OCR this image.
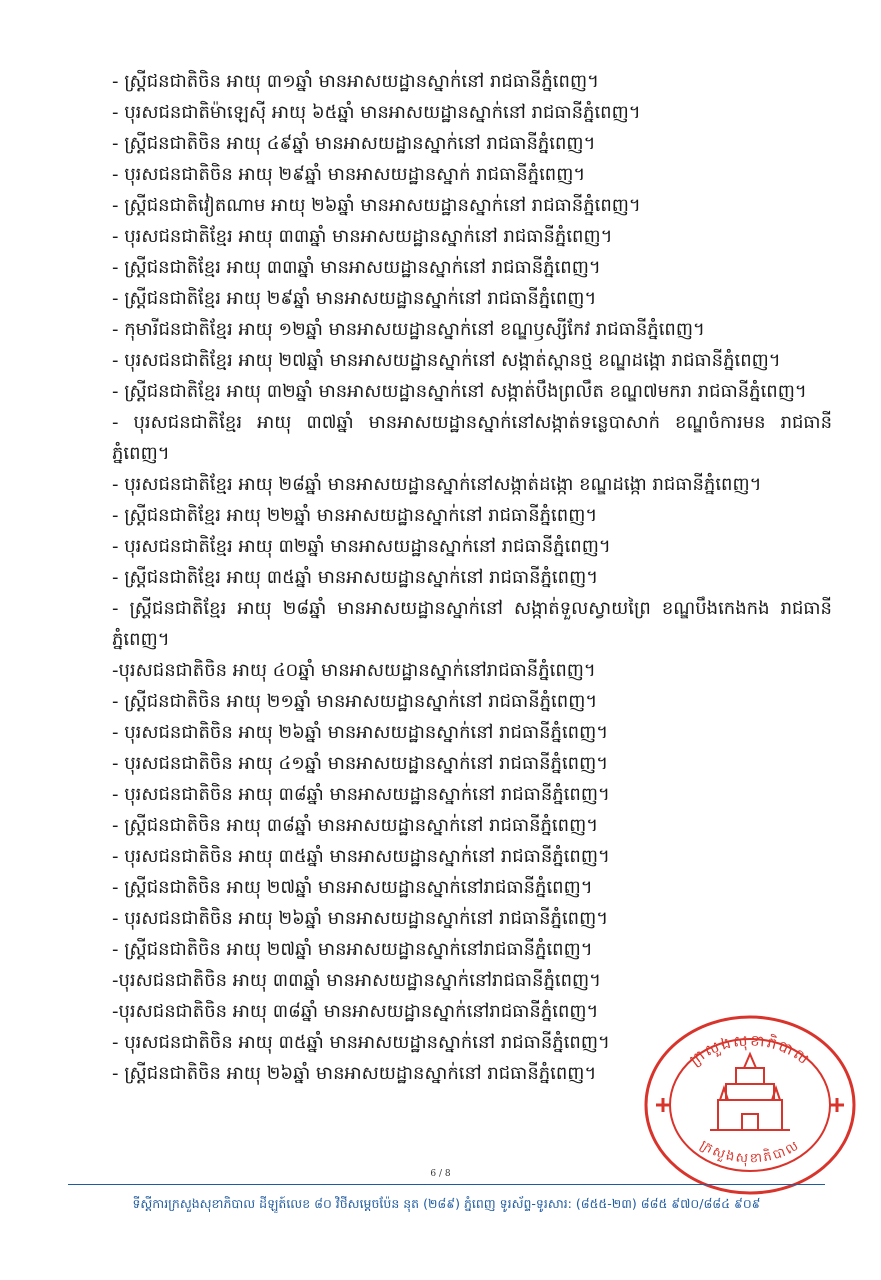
- ស្ត្រីជនជាតិចិន អាយុ ៣១ឆ្នាំ មានអាសយដ្ឋានស្នាក់នៅ រាជធានីភ្នំពេញ។
- បុរសជនជាតិម៉ាឡេស៊ី អាយុ ៦៥ឆ្នាំ មានអាសយដ្ឋានស្នាក់នៅ រាជធានីភ្នំពេញ។
- ស្ត្រីជនជាតិចិន អាយុ ៤៩ឆ្នាំ មានអាសយដ្ឋានស្នាក់នៅ រាជធានីភ្នំពេញ។
- បុរសជនជាតិចិន អាយុ ២៩ឆ្នាំ មានអាសយដ្ឋានស្នាក់ រាជធានីភ្នំពេញ។
- ស្ត្រីជនជាតិវៀតណាម អាយុ ២៦ឆ្នាំ មានអាសយដ្ឋានស្នាក់នៅ រាជធានីភ្នំពេញ។
- បុរសជនជាតិខ្មែរ អាយុ ៣៣ឆ្នាំ មានអាសយដ្ឋានស្នាក់នៅ រាជធានីភ្នំពេញ។
- ស្ត្រីជនជាតិខ្មែរ អាយុ ៣៣ឆ្នាំ មានអាសយដ្ឋានស្នាក់នៅ រាជធានីភ្នំពេញ។
- ស្ត្រីជនជាតិខ្មែរ អាយុ ២៩ឆ្នាំ មានអាសយដ្ឋានស្នាក់នៅ រាជធានីភ្នំពេញ។
- កុមារីជនជាតិខ្មែរ អាយុ ១២ឆ្នាំ មានអាសយដ្ឋានស្នាក់នៅ ខណ្ឌឫស្សីកែវ រាជធានីភ្នំពេញ។
- បុរសជនជាតិខ្មែរ អាយុ ២៧ឆ្នាំ មានអាសយដ្ឋានស្នាក់នៅ សង្កាត់ស្ពានថ្ម ខណ្ឌដង្កោ រាជធានីភ្នំពេញ។
- ស្ត្រីជនជាតិខ្មែរ អាយុ ៣២ឆ្នាំ មានអាសយដ្ឋានស្នាក់នៅ សង្កាត់បឹងព្រលឹត ខណ្ឌ៧មករា រាជធានីភ្នំពេញ។
- បុរសជនជាតិខ្មែរ អាយុ ៣៧ឆ្នាំ មានអាសយដ្ឋានស្នាក់នៅសង្កាត់ទន្លេបាសាក់ ខណ្ឌចំការមន រាជធានីភ្នំពេញ។
- បុរសជនជាតិខ្មែរ អាយុ ២៨ឆ្នាំ មានអាសយដ្ឋានស្នាក់នៅសង្កាត់ដង្កោ ខណ្ឌដង្កោ រាជធានីភ្នំពេញ។
- ស្ត្រីជនជាតិខ្មែរ អាយុ ២២ឆ្នាំ មានអាសយដ្ឋានស្នាក់នៅ រាជធានីភ្នំពេញ។
- បុរសជនជាតិខ្មែរ អាយុ ៣២ឆ្នាំ មានអាសយដ្ឋានស្នាក់នៅ រាជធានីភ្នំពេញ។
- ស្ត្រីជនជាតិខ្មែរ អាយុ ៣៥ឆ្នាំ មានអាសយដ្ឋានស្នាក់នៅ រាជធានីភ្នំពេញ។
- ស្ត្រីជនជាតិខ្មែរ អាយុ ២៨ឆ្នាំ មានអាសយដ្ឋានស្នាក់នៅ សង្កាត់ទួលស្វាយព្រៃ ខណ្ឌបឹងកេងកង រាជធានីភ្នំពេញ។
-បុរសជនជាតិចិន អាយុ ៤០ឆ្នាំ មានអាសយដ្ឋានស្នាក់នៅរាជធានីភ្នំពេញ។
- ស្ត្រីជនជាតិចិន អាយុ ២១ឆ្នាំ មានអាសយដ្ឋានស្នាក់នៅ រាជធានីភ្នំពេញ។
- បុរសជនជាតិចិន អាយុ ២៦ឆ្នាំ មានអាសយដ្ឋានស្នាក់នៅ រាជធានីភ្នំពេញ។
- បុរសជនជាតិចិន អាយុ ៤១ឆ្នាំ មានអាសយដ្ឋានស្នាក់នៅ រាជធានីភ្នំពេញ។
- បុរសជនជាតិចិន អាយុ ៣៨ឆ្នាំ មានអាសយដ្ឋានស្នាក់នៅ រាជធានីភ្នំពេញ។
- ស្ត្រីជនជាតិចិន អាយុ ៣៨ឆ្នាំ មានអាសយដ្ឋានស្នាក់នៅ រាជធានីភ្នំពេញ។
- បុរសជនជាតិចិន អាយុ ៣៥ឆ្នាំ មានអាសយដ្ឋានស្នាក់នៅ រាជធានីភ្នំពេញ។
- ស្ត្រីជនជាតិចិន អាយុ ២៧ឆ្នាំ មានអាសយដ្ឋានស្នាក់នៅរាជធានីភ្នំពេញ។
- បុរសជនជាតិចិន អាយុ ២៦ឆ្នាំ មានអាសយដ្ឋានស្នាក់នៅ រាជធានីភ្នំពេញ។
- ស្ត្រីជនជាតិចិន អាយុ ២៧ឆ្នាំ មានអាសយដ្ឋានស្នាក់នៅរាជធានីភ្នំពេញ។
-បុរសជនជាតិចិន អាយុ ៣៣ឆ្នាំ មានអាសយដ្ឋានស្នាក់នៅរាជធានីភ្នំពេញ។
-បុរសជនជាតិចិន អាយុ ៣៨ឆ្នាំ មានអាសយដ្ឋានស្នាក់នៅរាជធានីភ្នំពេញ។
- បុរសជនជាតិចិន អាយុ ៣៥ឆ្នាំ មានអាសយដ្ឋានស្នាក់នៅ រាជធានីភ្នំពេញ។
- ស្ត្រីជនជាតិចិន អាយុ ២៦ឆ្នាំ មានអាសយដ្ឋានស្នាក់នៅ រាជធានីភ្នំពេញ។
ក្រសួងសុខាភិបាល
ក្រសួងសុខាភិបាល
6 / 8
ទីស្តីការក្រសួងសុខាភិបាល ដីឡូត៍លេខ ៨០ វិថីសម្តេចប៉ែន នុត (២៨៩) ភ្នំពេញ ទូរស័ព្ទ-ទូរសារ: (៨៥៥-២៣) ៨៨៥ ៩៧០/៨៨៤ ៩០៩
